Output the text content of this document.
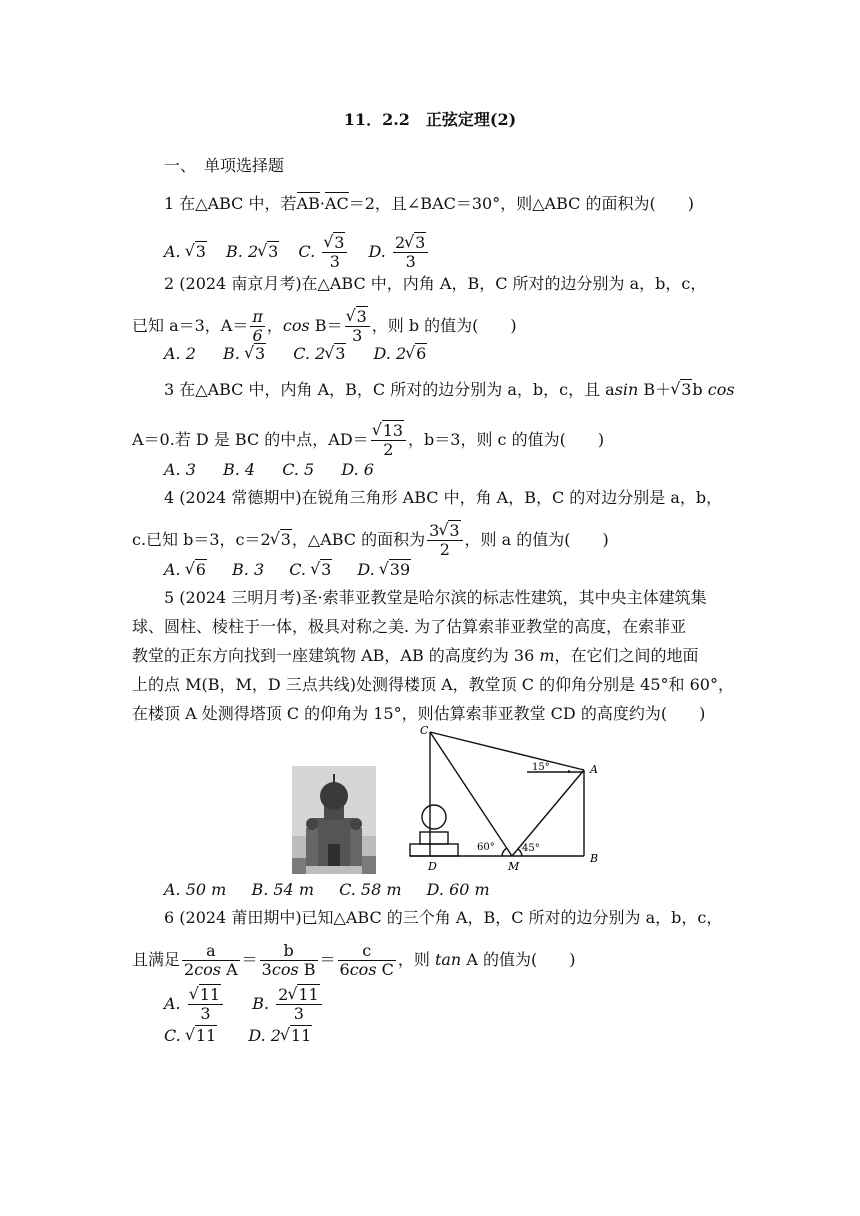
11．2.2　正弦定理(2)
一、　单项选择题
1 在△ABC 中，若AB·AC＝2，且∠BAC＝30°，则△ABC 的面积为(　　)
A. √ 3 B. 2 √ 3 C. √ $\frac{3}{3} D$. $\frac{2 √ 3}{3}$
2 (2024 南京月考)在△ABC 中，内角 A，B，C 所对的边分别为 a，b，c，
已知 a＝3，$A= \frac{\pi}{6}$ ，cos B＝ √ $\frac{3}{3}$ ，则 b 的值为(　　)
A. 2 B. √ 3 C. 2 √ 3 D. 2 √ 6
3 在△ABC 中，内角 A，B，C 所对的边分别为 a，b，c，且 asin B＋ √ 3b cos
A＝0.若 D 是 BC 的中点，AD＝ √ $\frac{13}{2}$ ，b＝3，则 c 的值为(　　)
A. 3 B. 4 C. 5 D. 6
4 (2024 常德期中)在锐角三角形 ABC 中，角 A，B，C 的对边分别是 a，b，
c.已知 b＝3，c＝2 √ 3，△ABC 的面积为 $\frac{3 √ 3}{2}$ ，则 a 的值为(　　)
A. √ 6 B. 3 C. √ 3 D. √ 39
5 (2024 三明月考)圣·索菲亚教堂是哈尔滨的标志性建筑，其中央主体建筑集
球、圆柱、棱柱于一体，极具对称之美. 为了估算索菲亚教堂的高度，在索菲亚
教堂的正东方向找到一座建筑物 AB，AB 的高度约为 36 m，在它们之间的地面
上的点 M(B，M，D 三点共线)处测得楼顶 A，教堂顶 C 的仰角分别是 45°和 60°，
在楼顶 A 处测得塔顶 C 的仰角为 15°，则估算索菲亚教堂 CD 的高度约为(　　)
C
A
D	M
B
15°
60°	45°
A. 50 m B. 54 m C. 58 m D. 60 m
6 (2024 莆田期中)已知△ABC 的三个角 A，B，C 所对的边分别为 a，b，c，
且满足 $\frac{a}{\text{2cos A}} = \frac{b}{\text{3cos B}} = \frac{c}{\text{6cos C}}$ ，则 tan A 的值为(　　)
A. √ $\frac{11}{3} B$. $\frac{2 √ 11}{3}$
C. √ 11 D. 2 √ 11
